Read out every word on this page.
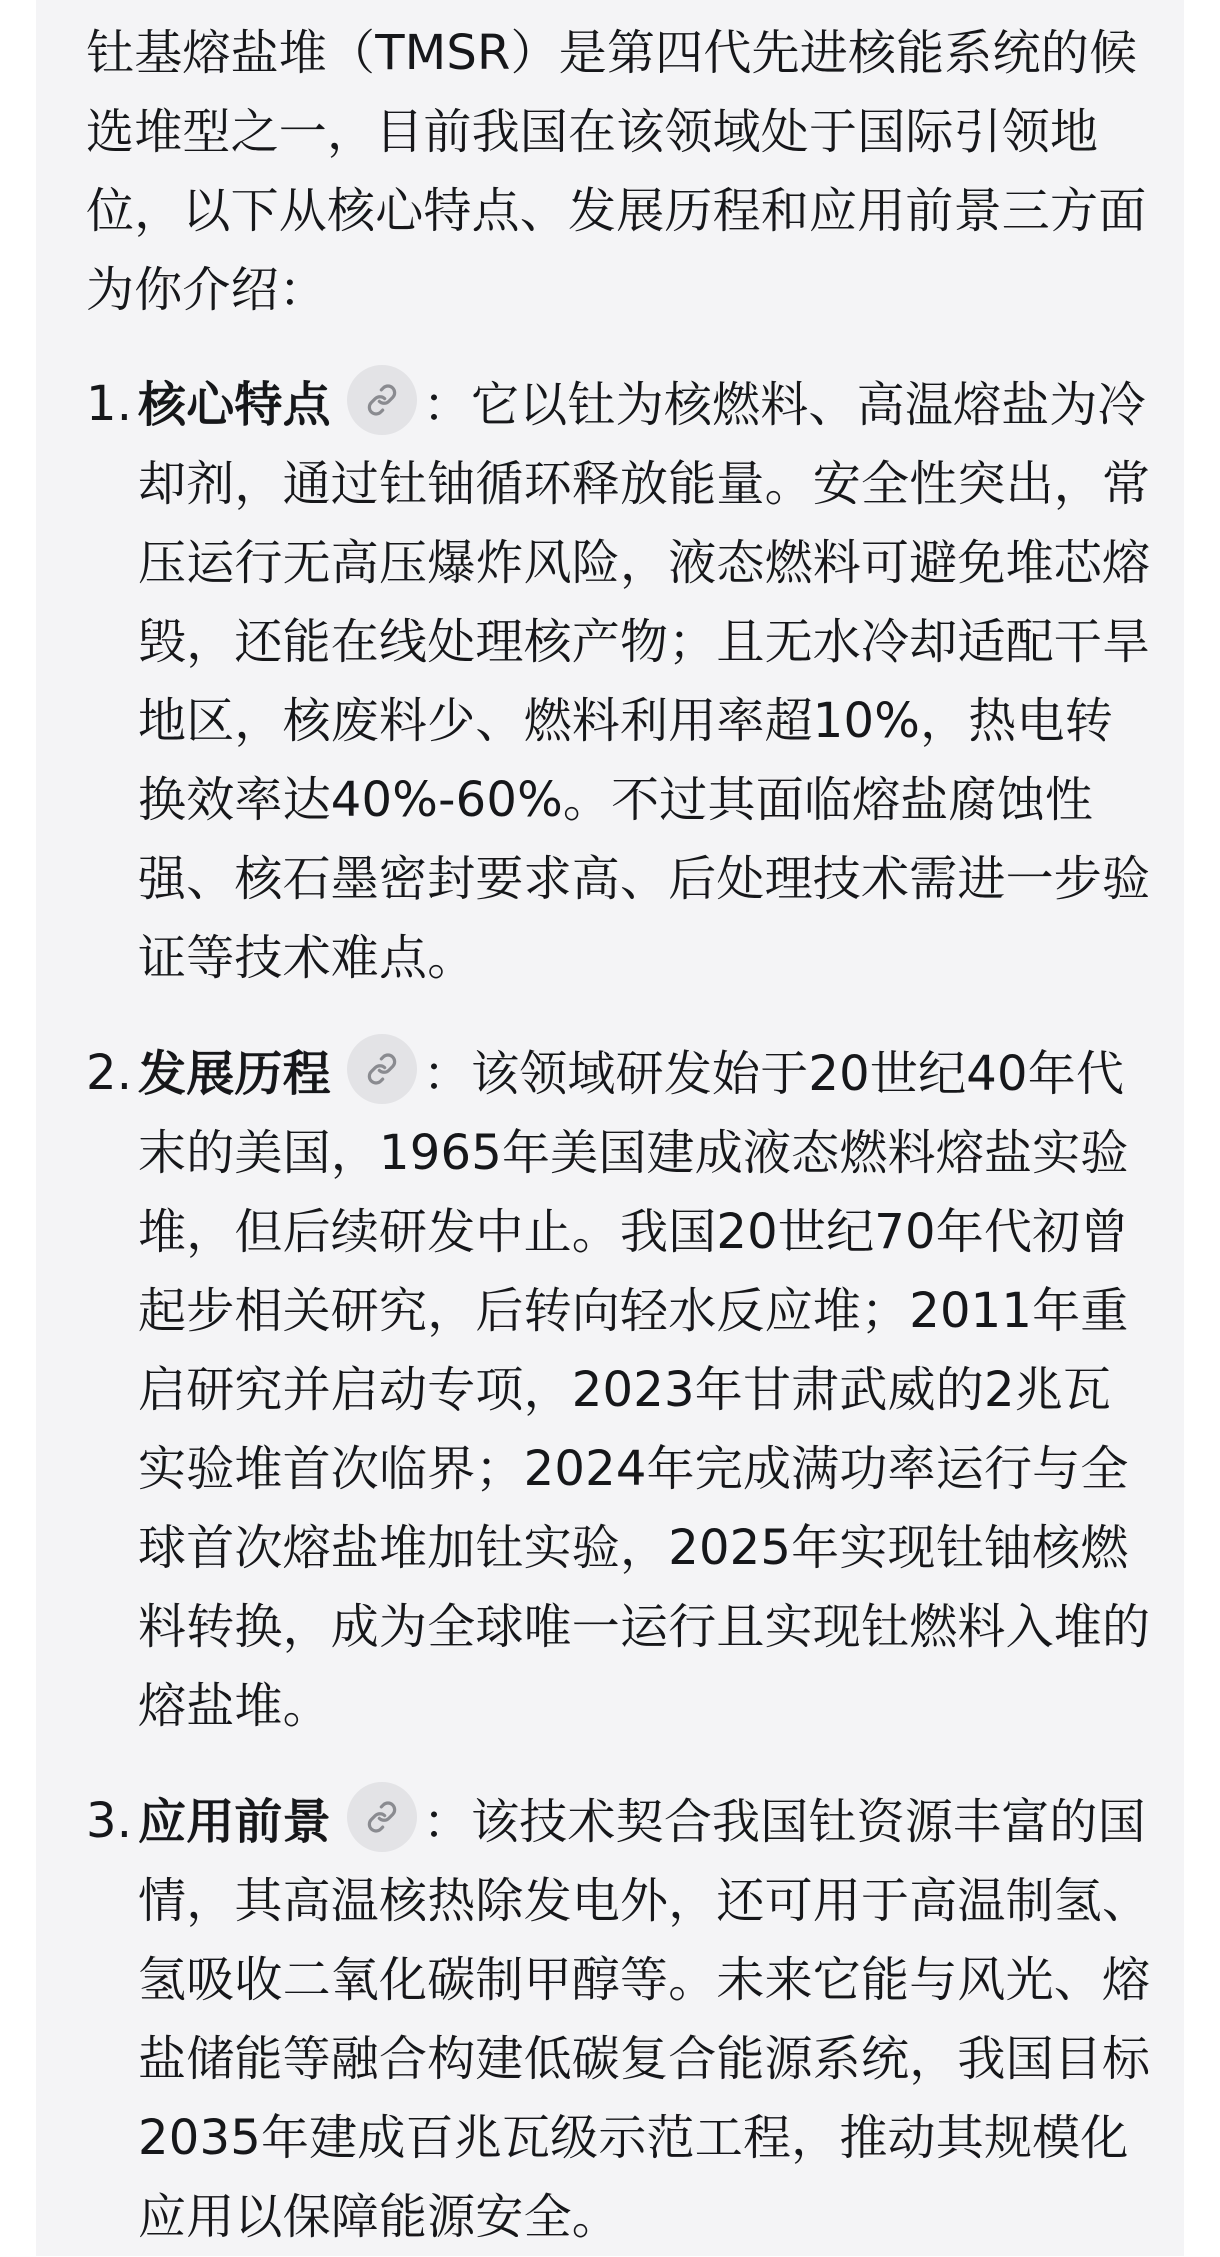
钍基熔盐堆（TMSR）是第四代先进核能系统的候选堆型之一，目前我国在该领域处于国际引领地位，以下从核心特点、发展历程和应用前景三方面为你介绍：

1. 核心特点 ：它以钍为核燃料、高温熔盐为冷却剂，通过钍铀循环释放能量。安全性突出，常压运行无高压爆炸风险，液态燃料可避免堆芯熔毁，还能在线处理核产物；且无水冷却适配干旱地区，核废料少、燃料利用率超10%，热电转换效率达40%-60%。不过其面临熔盐腐蚀性强、核石墨密封要求高、后处理技术需进一步验证等技术难点。
2. 发展历程 ：该领域研发始于20世纪40年代末的美国，1965年美国建成液态燃料熔盐实验堆，但后续研发中止。我国20世纪70年代初曾起步相关研究，后转向轻水反应堆；2011年重启研究并启动专项，2023年甘肃武威的2兆瓦实验堆首次临界；2024年完成满功率运行与全球首次熔盐堆加钍实验，2025年实现钍铀核燃料转换，成为全球唯一运行且实现钍燃料入堆的熔盐堆。
3. 应用前景 ：该技术契合我国钍资源丰富的国情，其高温核热除发电外，还可用于高温制氢、氢吸收二氧化碳制甲醇等。未来它能与风光、熔盐储能等融合构建低碳复合能源系统，我国目标2035年建成百兆瓦级示范工程，推动其规模化应用以保障能源安全。
